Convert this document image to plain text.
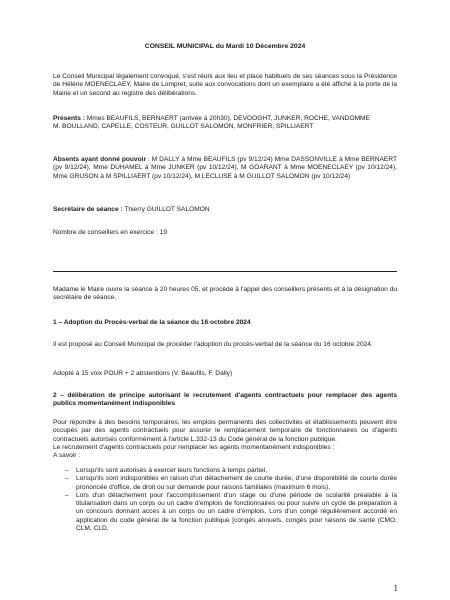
CONSEIL MUNICIPAL du Mardi 10 Décembre 2024

Le Conseil Municipal légalement convoqué, s'est réuni aux lieu et place habituels de ses séances sous la Présidence de Hélène MOENECLAEY, Maire de Lompret, suite aux convocations dont un exemplaire a été affiché à la porte de la Mairie et un second au registre des délibérations.

Présents : Mmes BEAUFILS, BERNAERT (arrivée à 20h30), DEVOOGHT, JUNKER, ROCHE, VANDOMME

M. BOULLAND, CAPELLE, COSTEUR, GUILLOT SALOMON, MONFRIER, SPILLIAERT

Absents ayant donné pouvoir : M DALLY à Mme BEAUFILS (pv 9/12/24) Mme DASSONVILLE à Mme BERNAERT (pv 9/12/24), Mme DUHAMEL à Mme JUNKER (pv 10/12/24), M GOARANT à Mme MOENECLAEY (pv 10/12/24), Mme GRUSON à M SPILLIAERT (pv 10/12/24), M LECLUSE à M GUILLOT SALOMON (pv 10/12/24)

Secrétaire de séance : Thierry GUILLOT SALOMON

Nombre de conseillers en exercice : 19

Madame le Maire ouvre la séance à 20 heures 05, et procède à l'appel des conseillers présents et à la désignation du secrétaire de séance.

1 – Adoption du Procès-verbal de la séance du 16 octobre 2024

Il est proposé au Conseil Municipal de procéder l'adoption du procès-verbal de la séance du 16 octobre 2024.

Adopté à 15 voix POUR + 2 abstentions (V. Beaufils, F. Dally)

2 – délibération de principe autorisant le recrutement d'agents contractuels pour remplacer des agents publics momentanément indisponibles

Pour répondre à des besoins temporaires, les emplois permanents des collectivités et établissements peuvent être occupés par des agents contractuels pour assurer le remplacement temporaire de fonctionnaires ou d'agents contractuels autorisés conformément à l'article L.332-13 du Code général de la fonction publique.

Le recrutement d'agents contractuels pour remplacer les agents momentanément indisponibles :

A savoir :

– Lorsqu'ils sont autorisés à exercer leurs fonctions à temps partiel,
– Lorsqu'ils sont indisponibles en raison d'un détachement de courte durée, d'une disponibilité de courte durée prononcée d'office, de droit ou sur demande pour raisons familiales (maximum 6 mois),
– Lors d'un détachement pour l'accomplissement d'un stage ou d'une période de scolarité préalable à la titularisation dans un corps ou un cadre d'emplois de fonctionnaires ou pour suivre un cycle de préparation à un concours donnant accès à un corps ou un cadre d'emplois, Lors d'un congé régulièrement accordé en application du code général de la fonction publique [congés annuels, congés pour raisons de santé (CMO, CLM, CLD,
1
